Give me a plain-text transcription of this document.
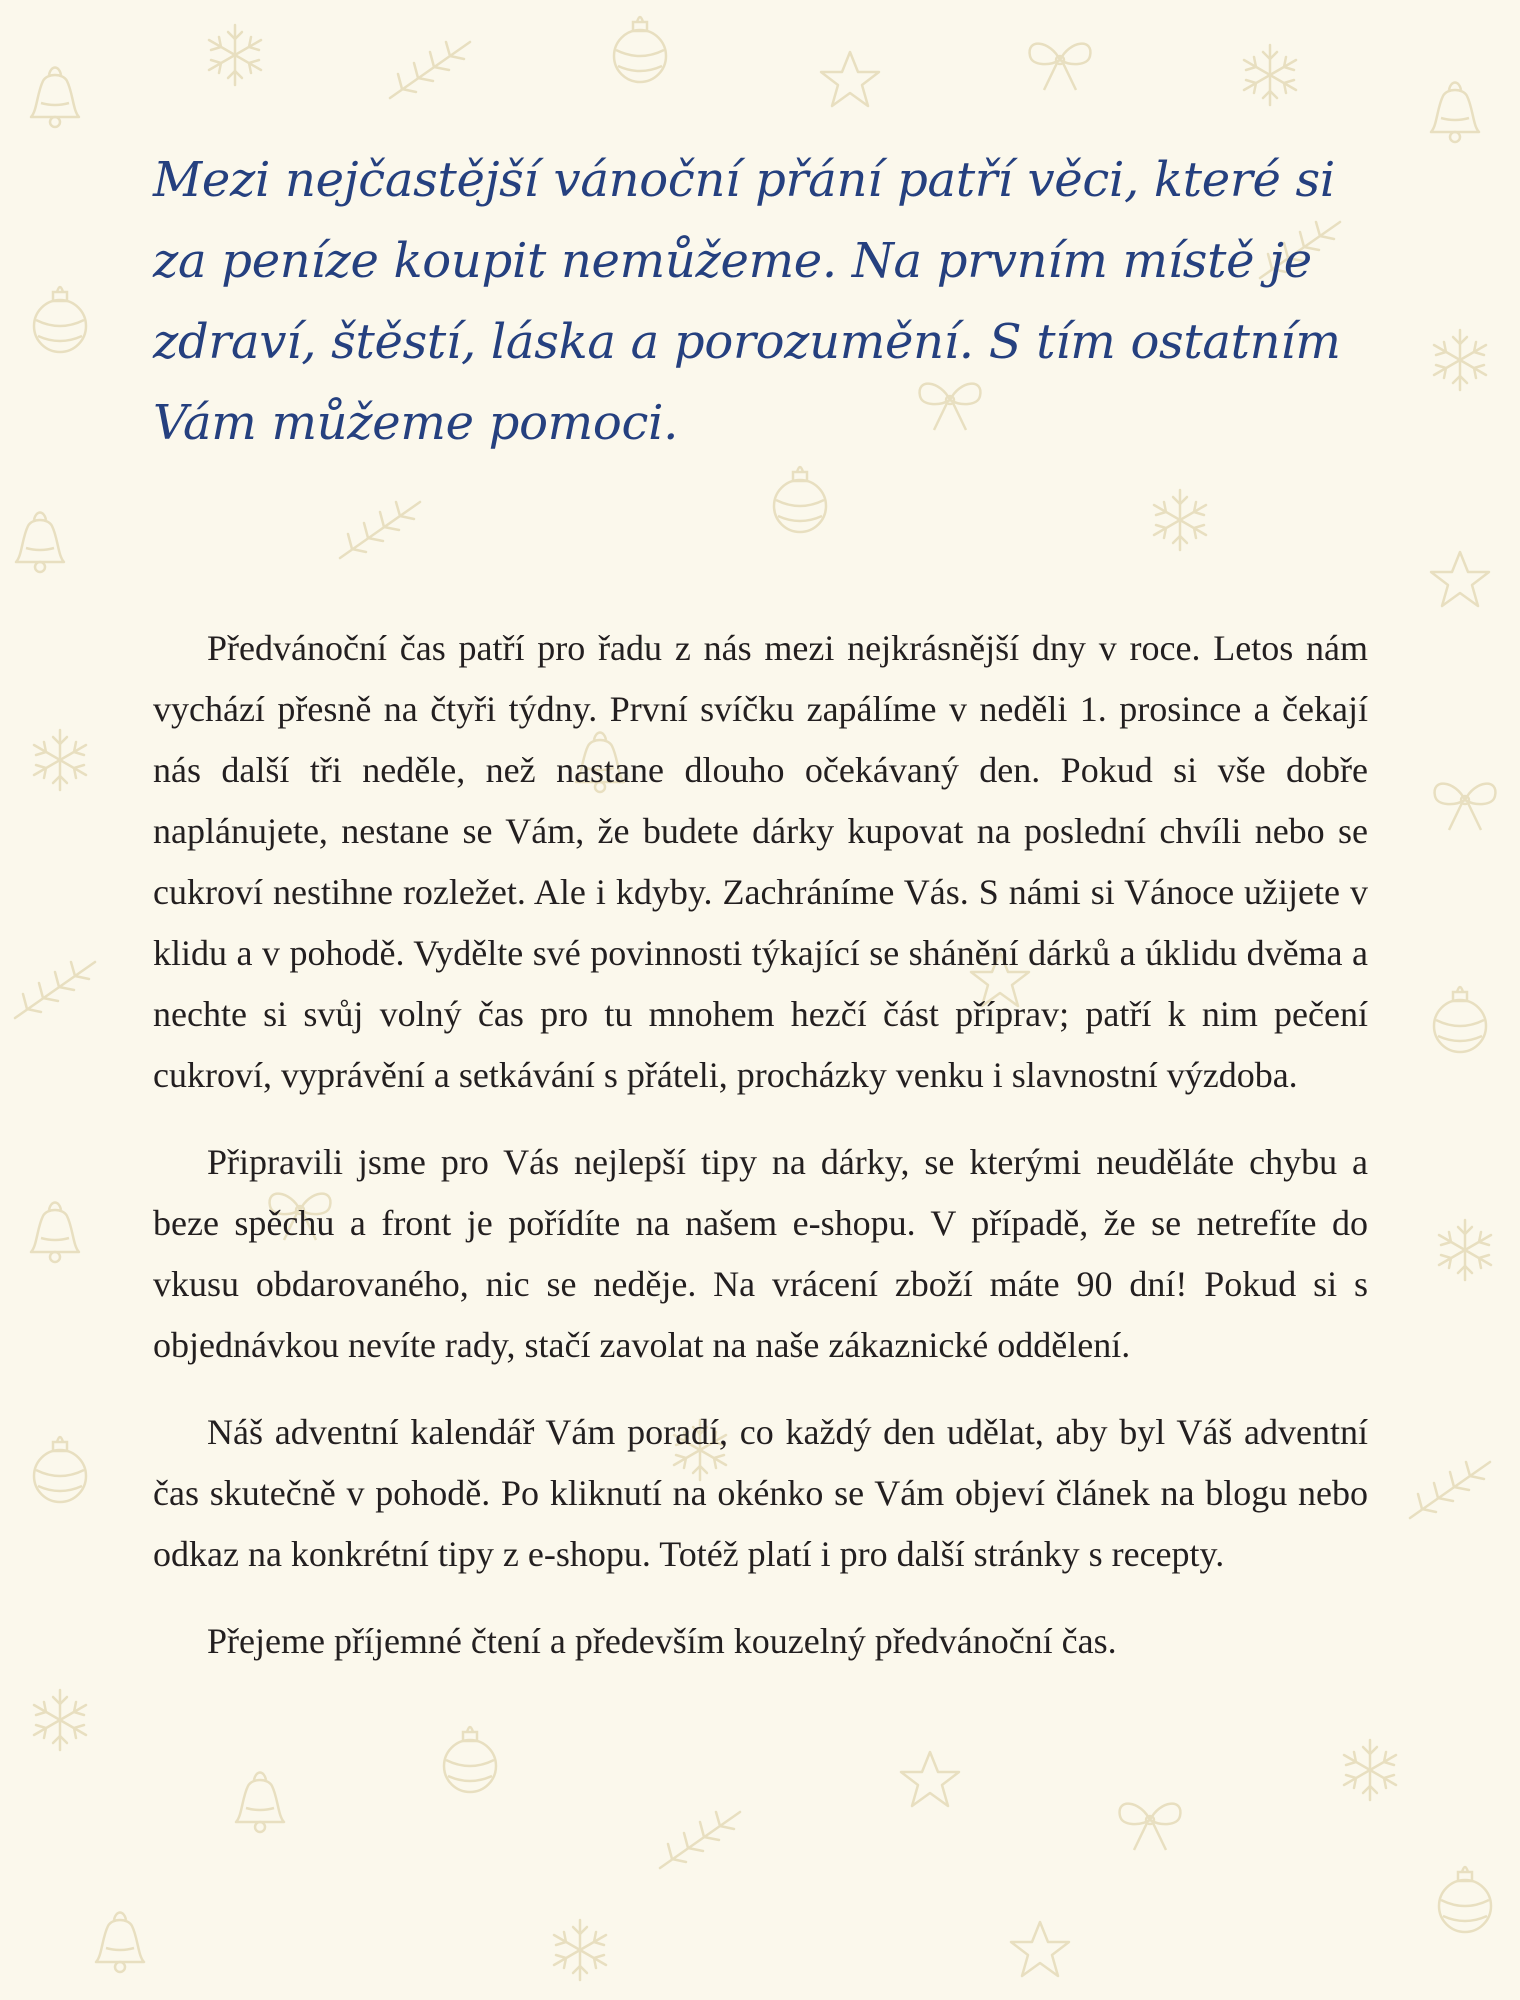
Mezi nejčastější vánoční přání patří věci, které si za peníze koupit nemůžeme. Na prvním místě je zdraví, štěstí, láska a porozumění. S tím ostatním Vám můžeme pomoci.

Předvánoční čas patří pro řadu z nás mezi nejkrásnější dny v roce. Letos nám vychází přesně na čtyři týdny. První svíčku zapálíme v neděli 1. prosince a čekají nás další tři neděle, než nastane dlouho očekávaný den. Pokud si vše dobře naplánujete, nestane se Vám, že budete dárky kupovat na poslední chvíli nebo se cukroví nestihne rozležet. Ale i kdyby. Zachráníme Vás. S námi si Vánoce užijete v klidu a v pohodě. Vydělte své povinnosti týkající se shánění dárků a úklidu dvěma a nechte si svůj volný čas pro tu mnohem hezčí část příprav; patří k nim pečení cukroví, vyprávění a setkávání s přáteli, procházky venku i slavnostní výzdoba.

Připravili jsme pro Vás nejlepší tipy na dárky, se kterými neuděláte chybu a beze spěchu a front je pořídíte na našem e-shopu. V případě, že se netrefíte do vkusu obdarovaného, nic se neděje. Na vrácení zboží máte 90 dní! Pokud si s objednávkou nevíte rady, stačí zavolat na naše zákaznické oddělení.

Náš adventní kalendář Vám poradí, co každý den udělat, aby byl Váš adventní čas skutečně v pohodě. Po kliknutí na okénko se Vám objeví článek na blogu nebo odkaz na konkrétní tipy z e-shopu. Totéž platí i pro další stránky s recepty.

Přejeme příjemné čtení a především kouzelný předvánoční čas.
